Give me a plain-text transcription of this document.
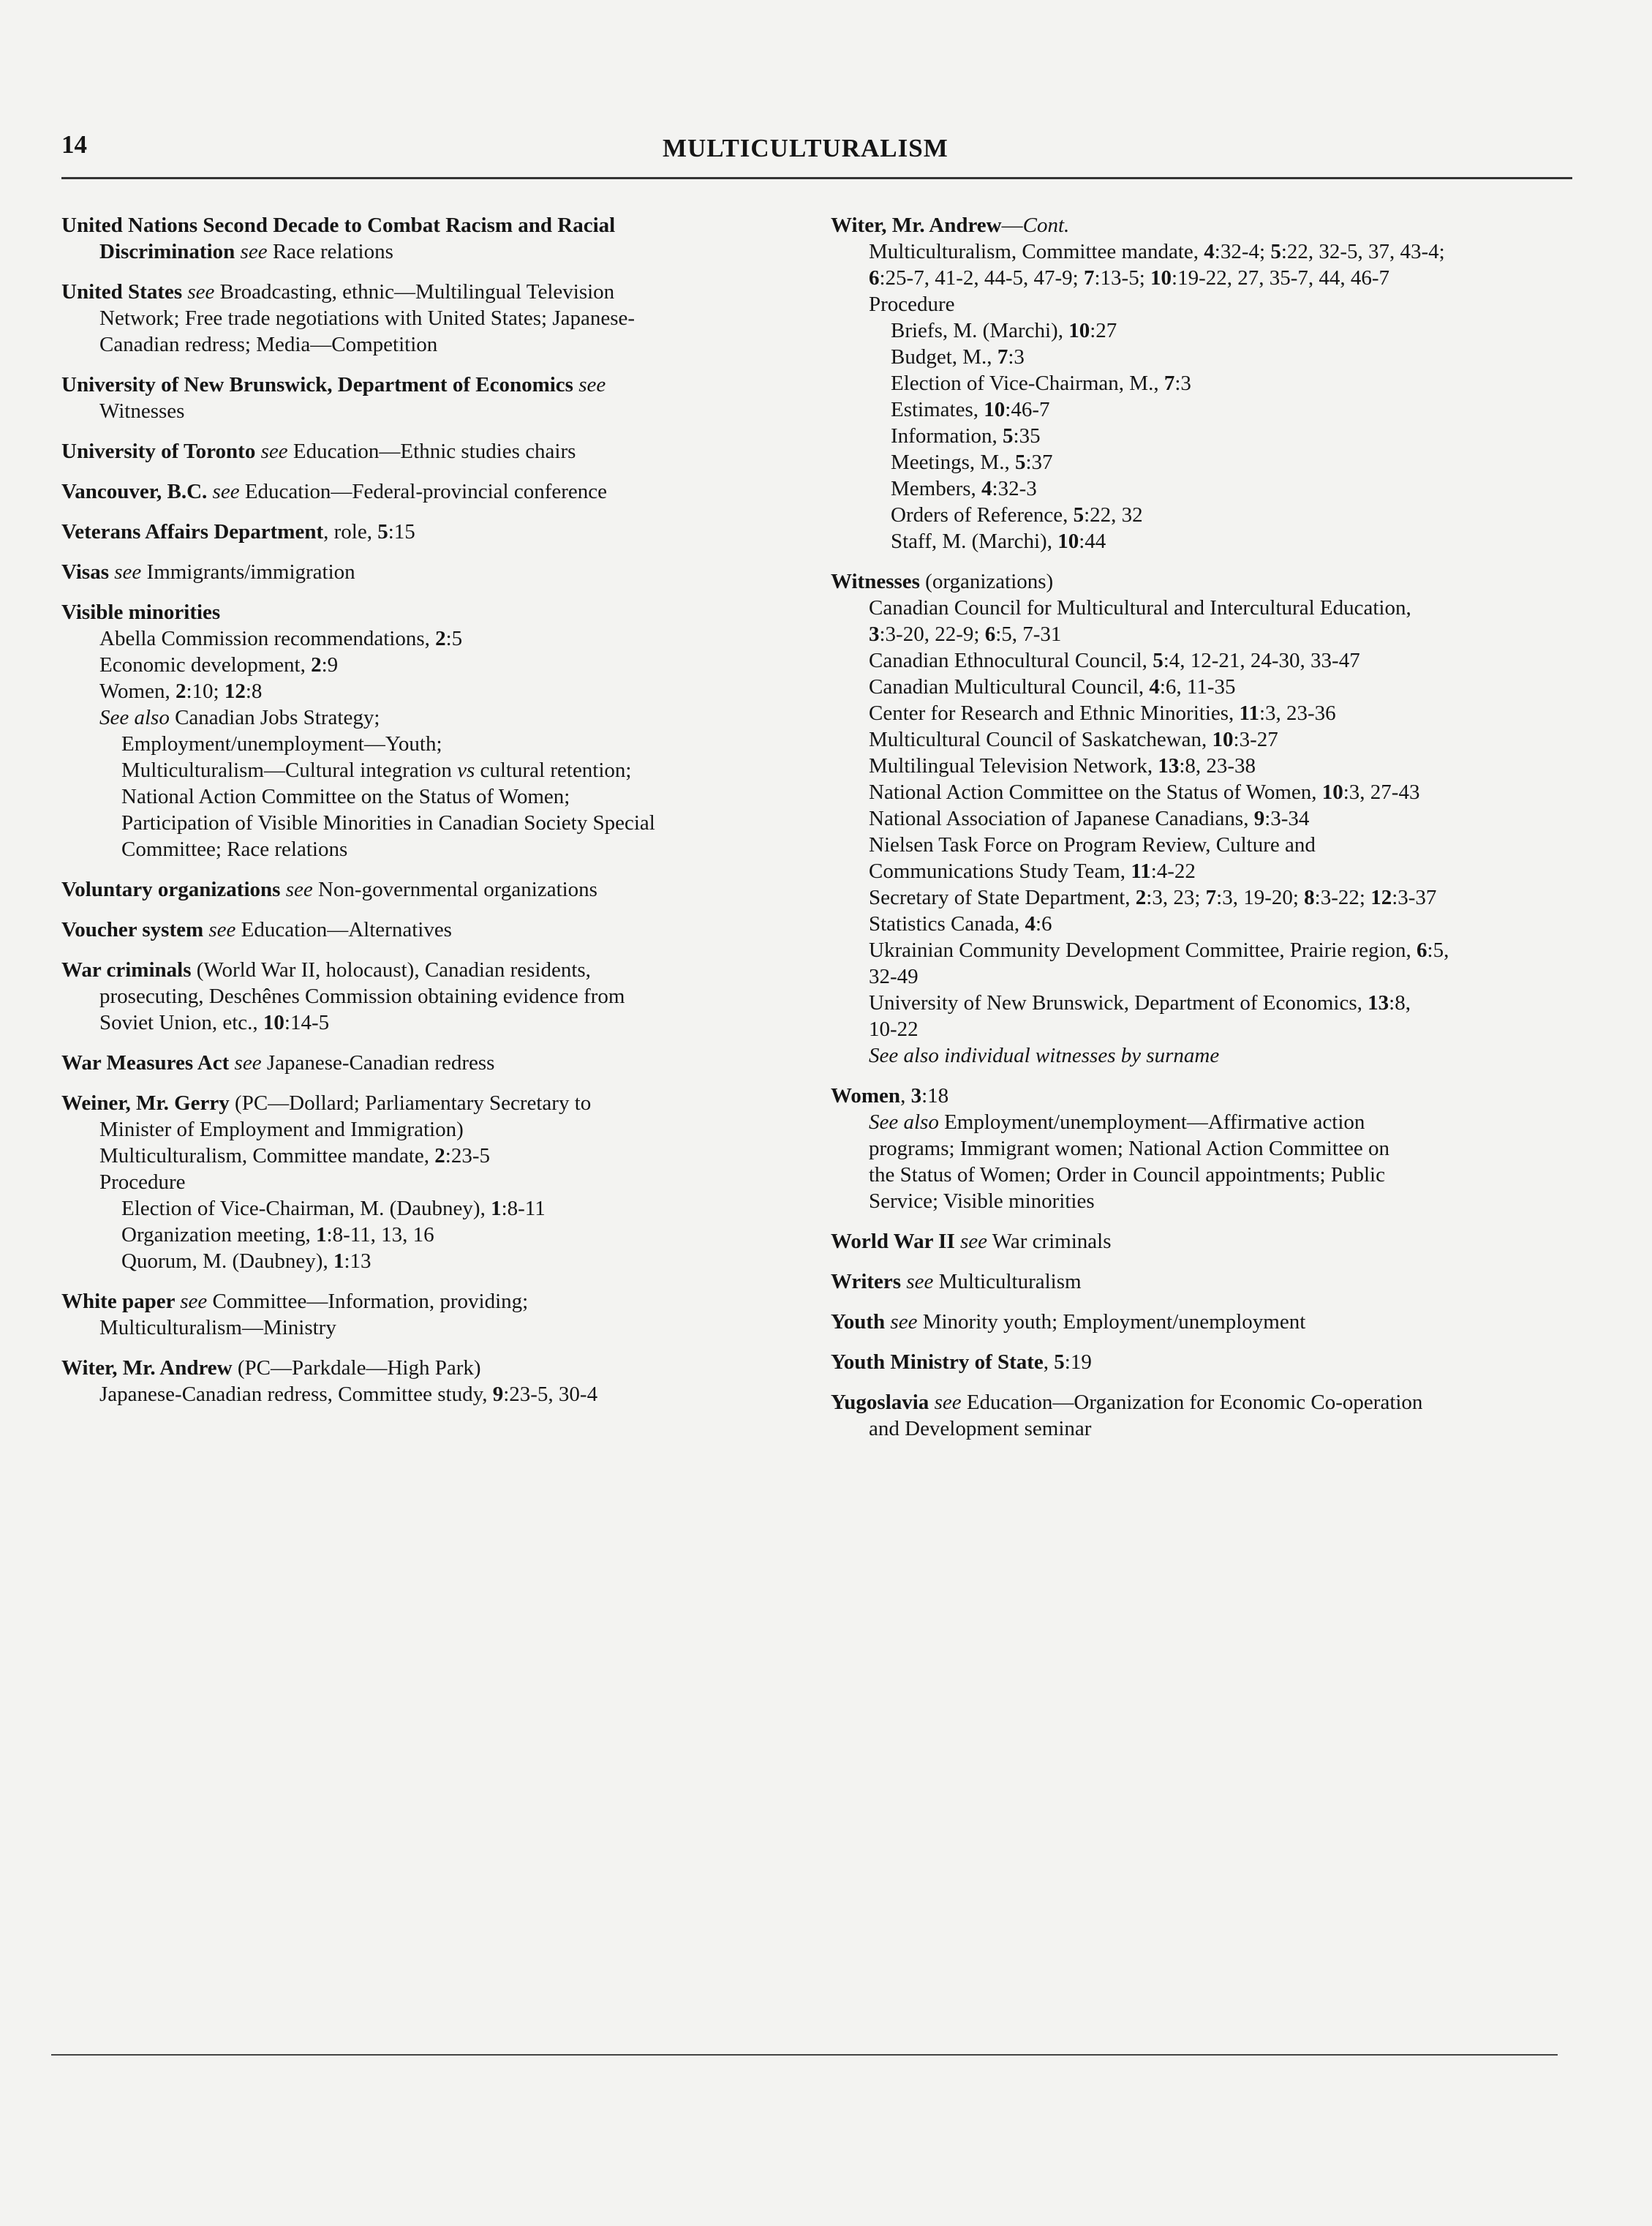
14	MULTICULTURALISM
United Nations Second Decade to Combat Racism and Racial
Discrimination see Race relations
United States see Broadcasting, ethnic—Multilingual Television
Network; Free trade negotiations with United States; Japanese-
Canadian redress; Media—Competition
University of New Brunswick, Department of Economics see
Witnesses
University of Toronto see Education—Ethnic studies chairs
Vancouver, B.C. see Education—Federal-provincial conference
Veterans Affairs Department, role, 5:15
Visas see Immigrants/immigration
Visible minorities
Abella Commission recommendations, 2:5
Economic development, 2:9
Women, 2:10; 12:8
See also Canadian Jobs Strategy;
Employment/unemployment—Youth;
Multiculturalism—Cultural integration vs cultural retention;
National Action Committee on the Status of Women;
Participation of Visible Minorities in Canadian Society Special
Committee; Race relations
Voluntary organizations see Non-governmental organizations
Voucher system see Education—Alternatives
War criminals (World War II, holocaust), Canadian residents,
prosecuting, Deschênes Commission obtaining evidence from
Soviet Union, etc., 10:14-5
War Measures Act see Japanese-Canadian redress
Weiner, Mr. Gerry (PC—Dollard; Parliamentary Secretary to
Minister of Employment and Immigration)
Multiculturalism, Committee mandate, 2:23-5
Procedure
Election of Vice-Chairman, M. (Daubney), 1:8-11
Organization meeting, 1:8-11, 13, 16
Quorum, M. (Daubney), 1:13
White paper see Committee—Information, providing;
Multiculturalism—Ministry
Witer, Mr. Andrew (PC—Parkdale—High Park)
Japanese-Canadian redress, Committee study, 9:23-5, 30-4
Witer, Mr. Andrew—Cont.
Multiculturalism, Committee mandate, 4:32-4; 5:22, 32-5, 37, 43-4;
6:25-7, 41-2, 44-5, 47-9; 7:13-5; 10:19-22, 27, 35-7, 44, 46-7
Procedure
Briefs, M. (Marchi), 10:27
Budget, M., 7:3
Election of Vice-Chairman, M., 7:3
Estimates, 10:46-7
Information, 5:35
Meetings, M., 5:37
Members, 4:32-3
Orders of Reference, 5:22, 32
Staff, M. (Marchi), 10:44
Witnesses (organizations)
Canadian Council for Multicultural and Intercultural Education,
3:3-20, 22-9; 6:5, 7-31
Canadian Ethnocultural Council, 5:4, 12-21, 24-30, 33-47
Canadian Multicultural Council, 4:6, 11-35
Center for Research and Ethnic Minorities, 11:3, 23-36
Multicultural Council of Saskatchewan, 10:3-27
Multilingual Television Network, 13:8, 23-38
National Action Committee on the Status of Women, 10:3, 27-43
National Association of Japanese Canadians, 9:3-34
Nielsen Task Force on Program Review, Culture and
Communications Study Team, 11:4-22
Secretary of State Department, 2:3, 23; 7:3, 19-20; 8:3-22; 12:3-37
Statistics Canada, 4:6
Ukrainian Community Development Committee, Prairie region, 6:5,
32-49
University of New Brunswick, Department of Economics, 13:8,
10-22
See also individual witnesses by surname
Women, 3:18
See also Employment/unemployment—Affirmative action
programs; Immigrant women; National Action Committee on
the Status of Women; Order in Council appointments; Public
Service; Visible minorities
World War II see War criminals
Writers see Multiculturalism
Youth see Minority youth; Employment/unemployment
Youth Ministry of State, 5:19
Yugoslavia see Education—Organization for Economic Co-operation
and Development seminar
